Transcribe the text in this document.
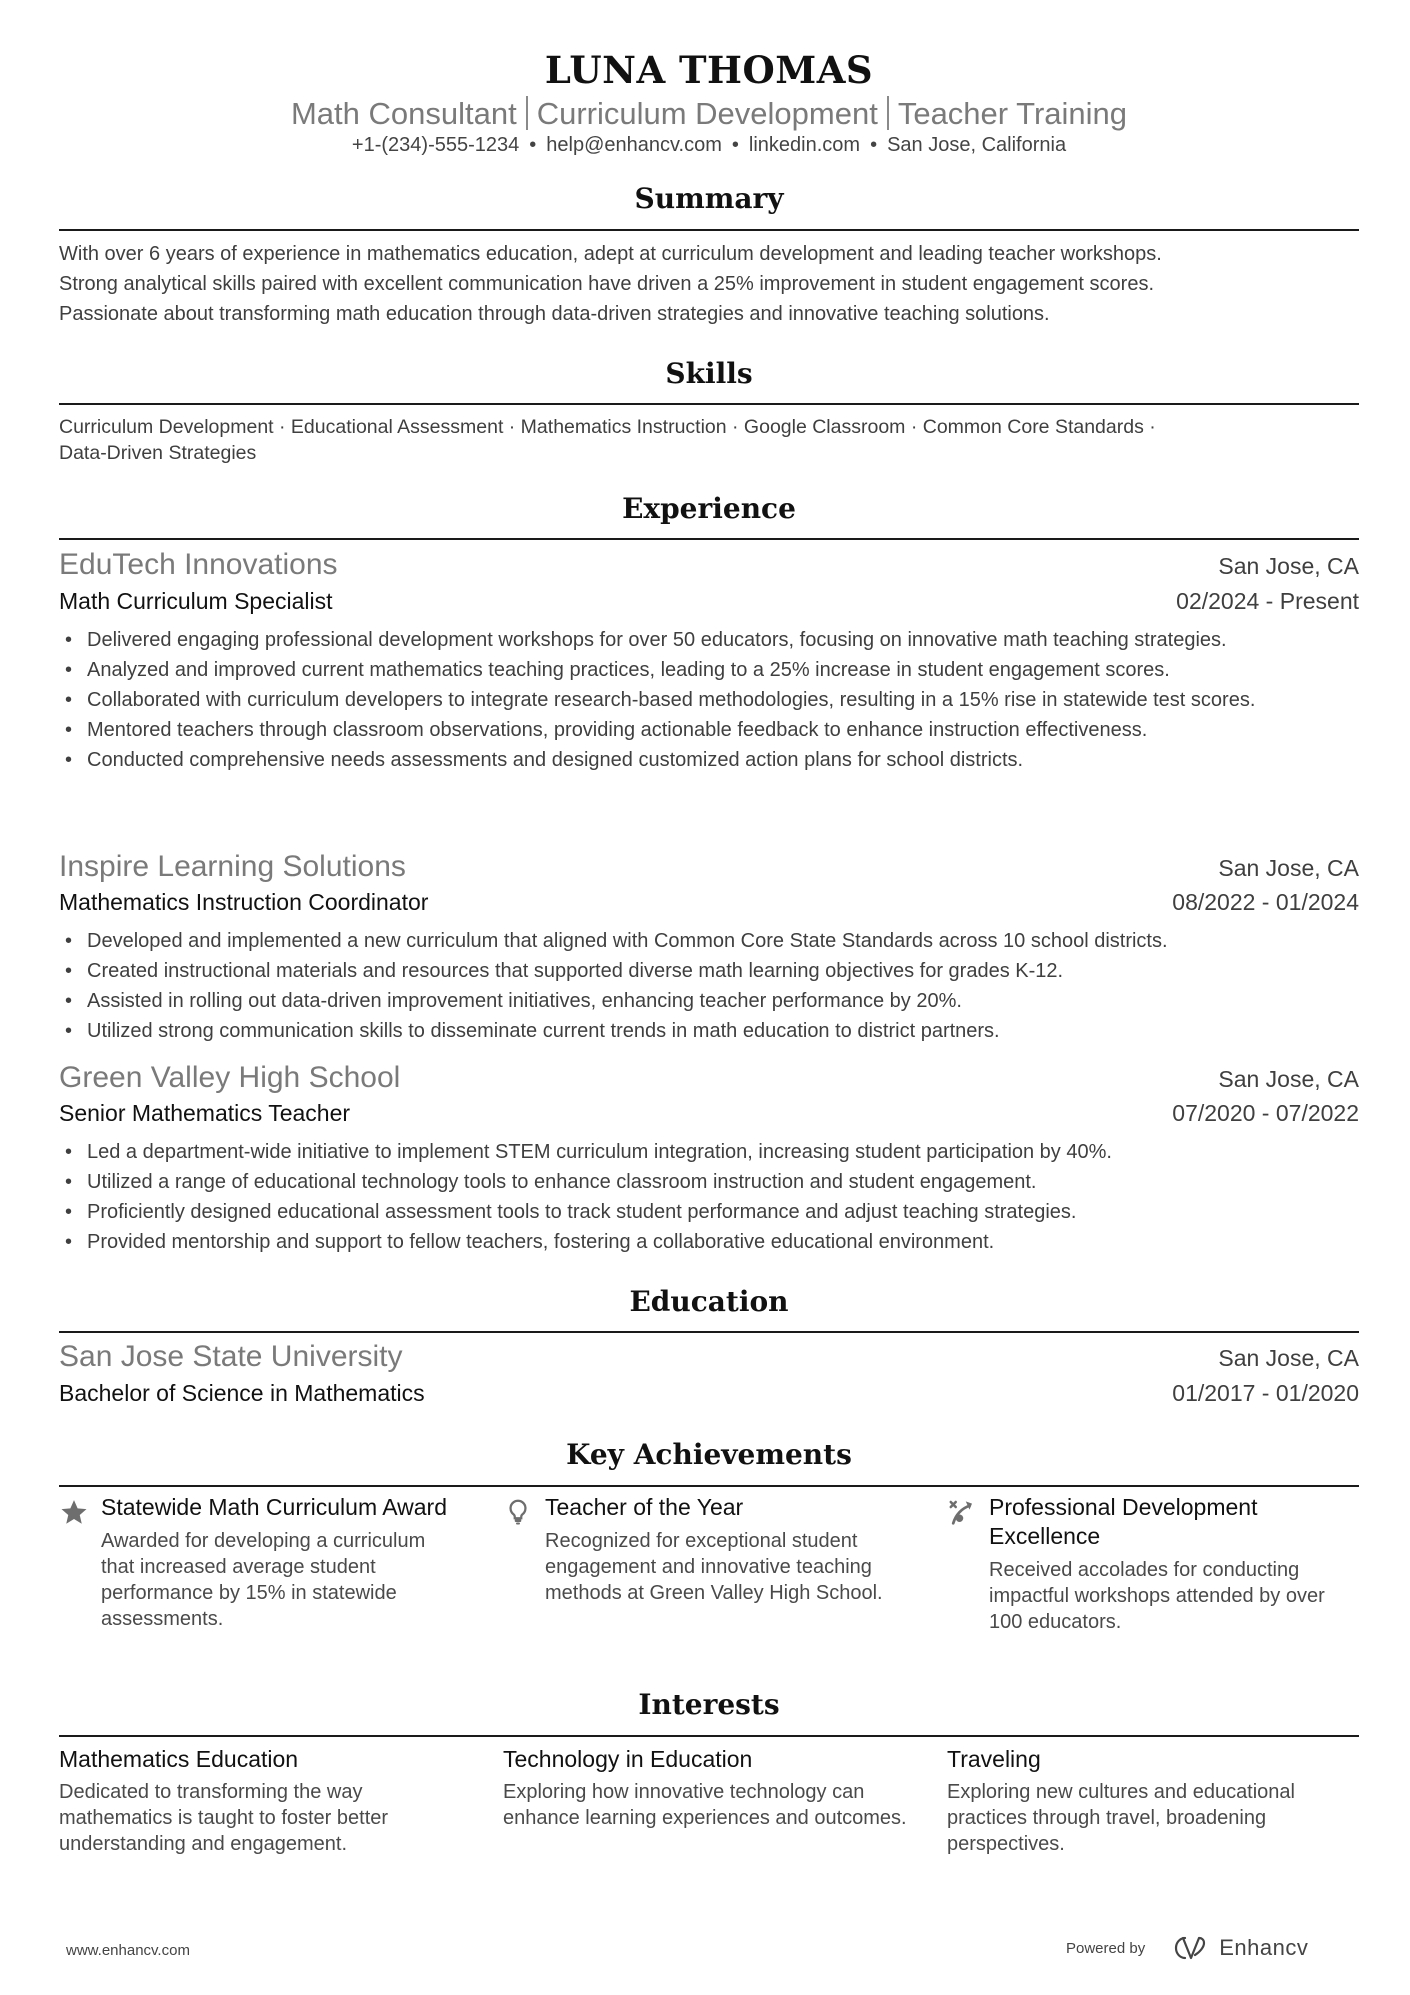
LUNA THOMAS
Math Consultant Curriculum Development Teacher Training
+1-(234)-555-1234 • help@enhancv.com • linkedin.com • San Jose, California
Summary
With over 6 years of experience in mathematics education, adept at curriculum development and leading teacher workshops.
Strong analytical skills paired with excellent communication have driven a 25% improvement in student engagement scores.
Passionate about transforming math education through data-driven strategies and innovative teaching solutions.
Skills
Curriculum Development · Educational Assessment · Mathematics Instruction · Google Classroom · Common Core Standards ·
Data-Driven Strategies
Experience
EduTech Innovations	San Jose, CA
Math Curriculum Specialist	02/2024 - Present
• Delivered engaging professional development workshops for over 50 educators, focusing on innovative math teaching strategies.
• Analyzed and improved current mathematics teaching practices, leading to a 25% increase in student engagement scores.
• Collaborated with curriculum developers to integrate research-based methodologies, resulting in a 15% rise in statewide test scores.
• Mentored teachers through classroom observations, providing actionable feedback to enhance instruction effectiveness.
• Conducted comprehensive needs assessments and designed customized action plans for school districts.
Inspire Learning Solutions	San Jose, CA
Mathematics Instruction Coordinator	08/2022 - 01/2024
• Developed and implemented a new curriculum that aligned with Common Core State Standards across 10 school districts.
• Created instructional materials and resources that supported diverse math learning objectives for grades K-12.
• Assisted in rolling out data-driven improvement initiatives, enhancing teacher performance by 20%.
• Utilized strong communication skills to disseminate current trends in math education to district partners.
Green Valley High School	San Jose, CA
Senior Mathematics Teacher	07/2020 - 07/2022
• Led a department-wide initiative to implement STEM curriculum integration, increasing student participation by 40%.
• Utilized a range of educational technology tools to enhance classroom instruction and student engagement.
• Proficiently designed educational assessment tools to track student performance and adjust teaching strategies.
• Provided mentorship and support to fellow teachers, fostering a collaborative educational environment.
Education
San Jose State University	San Jose, CA
Bachelor of Science in Mathematics	01/2017 - 01/2020
Key Achievements
Statewide Math Curriculum Award
Awarded for developing a curriculum that increased average student performance by 15% in statewide assessments.
Teacher of the Year
Recognized for exceptional student engagement and innovative teaching methods at Green Valley High School.
Professional Development Excellence
Received accolades for conducting impactful workshops attended by over 100 educators.
Interests
Mathematics Education
Dedicated to transforming the way mathematics is taught to foster better understanding and engagement.
Technology in Education
Exploring how innovative technology can enhance learning experiences and outcomes.
Traveling
Exploring new cultures and educational practices through travel, broadening perspectives.
www.enhancv.com	Powered by	Enhancv
